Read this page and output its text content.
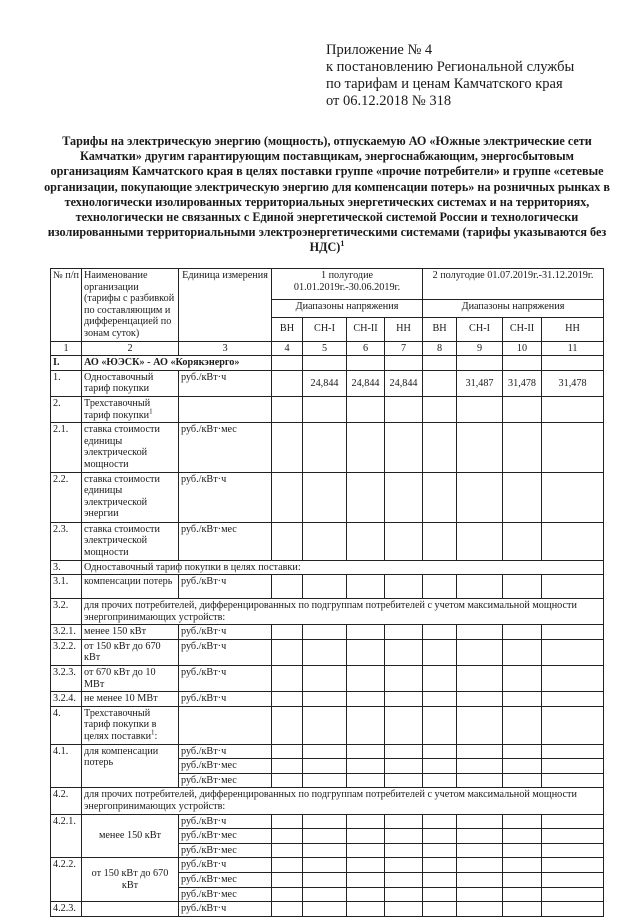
Приложение № 4
к постановлению Региональной службы
по тарифам и ценам Камчатского края
от 06.12.2018 № 318
Тарифы на электрическую энергию (мощность), отпускаемую АО «Южные электрические сети Камчатки» другим гарантирующим поставщикам, энергоснабжающим, энергосбытовым организациям Камчатского края в целях поставки группе «прочие потребители» и группе «сетевые организации, покупающие электрическую энергию для компенсации потерь» на розничных рынках в технологически изолированных территориальных энергетических системах и на территориях, технологически не связанных с Единой энергетической системой России и технологически изолированными территориальными электроэнергетическими системами (тарифы указываются без НДС)$^1$
№ п/п	Наименование организации (тарифы с разбивкой по составляющим и дифференцацией по зонам суток)	Единица измерения	1 полугодие 01.01.2019г.-30.06.2019г.				2 полугодие 01.07.2019г.-31.12.2019г.			
			Диапазоны напряжения				Диапазоны напряжения			
			ВН	СН-I	СН-II	НН	ВН	СН-I	СН-II	НН
1	2	3	4	5	6	7	8	9	10	11
I.	АО «ЮЭСК» - АО «Корякэнерго»									
1.	Одноставочный тариф покупки	руб./кВт·ч		24,844	24,844	24,844		31,487	31,478	31,478
2.	Трехставочный тариф покупки$^1$									
2.1.	ставка стоимости единицы электрической мощности	руб./кВт·мес								
2.2.	ставка стоимости единицы электрической энергии	руб./кВт·ч								
2.3.	ставка стоимости электрической мощности	руб./кВт·мес								
3.	Одноставочный тариф покупки в целях поставки:									
3.1.	компенсации потерь	руб./кВт·ч								
3.2.	для прочих потребителей, дифференцированных по подгруппам потребителей с учетом максимальной мощности энергопринимающих устройств:									
3.2.1.	менее 150 кВт	руб./кВт·ч								
3.2.2.	от 150 кВт до 670 кВт	руб./кВт·ч								
3.2.3.	от 670 кВт до 10 МВт	руб./кВт·ч								
3.2.4.	не менее 10 МВт	руб./кВт·ч								
4.	Трехставочный тариф покупки в целях поставки$^1$:									
4.1.	для компенсации потерь	руб./кВт·ч								
		руб./кВт·мес								
		руб./кВт·мес								
4.2.	для прочих потребителей, дифференцированных по подгруппам потребителей с учетом максимальной мощности энергопринимающих устройств:									
4.2.1.	менее 150 кВт	руб./кВт·ч								
		руб./кВт·мес								
		руб./кВт·мес								
4.2.2.	от 150 кВт до 670 кВт	руб./кВт·ч								
		руб./кВт·мес								
		руб./кВт·мес								
4.2.3.		руб./кВт·ч								
